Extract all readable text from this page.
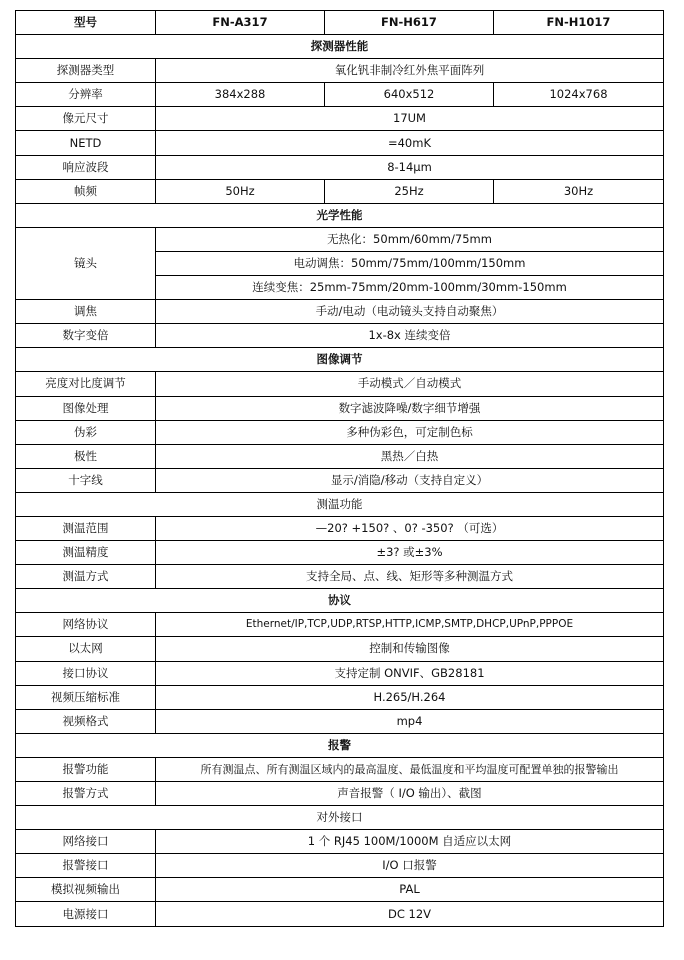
型号	FN-A317	FN-H617	FN-H1017
探测器性能			
探测器类型	氧化钒非制冷红外焦平面阵列		
分辨率	384x288	640x512	1024x768
像元尺寸	17UM		
NETD	=40mK		
响应波段	8-14μm		
帧频	50Hz	25Hz	30Hz
光学性能			
镜头	无热化：50mm/60mm/75mm		
	电动调焦：50mm/75mm/100mm/150mm		
	连续变焦：25mm-75mm/20mm-100mm/30mm-150mm		
调焦	手动/电动（电动镜头支持自动聚焦）		
数字变倍	1x-8x 连续变倍		
图像调节			
亮度对比度调节	手动模式／自动模式		
图像处理	数字滤波降噪/数字细节增强		
伪彩	多种伪彩色，可定制色标		
极性	黑热／白热		
十字线	显示/消隐/移动（支持自定义）		
测温功能			
测温范围	—20? +150? 、0? -350? （可选）		
测温精度	±3? 或±3%		
测温方式	支持全局、点、线、矩形等多种测温方式		
协议			
网络协议	Ethernet/IP,TCP,UDP,RTSP,HTTP,ICMP,SMTP,DHCP,UPnP,PPPOE		
以太网	控制和传输图像		
接口协议	支持定制 ONVIF、GB28181		
视频压缩标准	H.265/H.264		
视频格式	mp4		
报警			
报警功能	所有测温点、所有测温区域内的最高温度、最低温度和平均温度可配置单独的报警输出		
报警方式	声音报警（ I/O 输出）、截图		
对外接口			
网络接口	1 个 RJ45 100M/1000M 自适应以太网		
报警接口	I/O 口报警		
模拟视频输出	PAL		
电源接口	DC 12V		
